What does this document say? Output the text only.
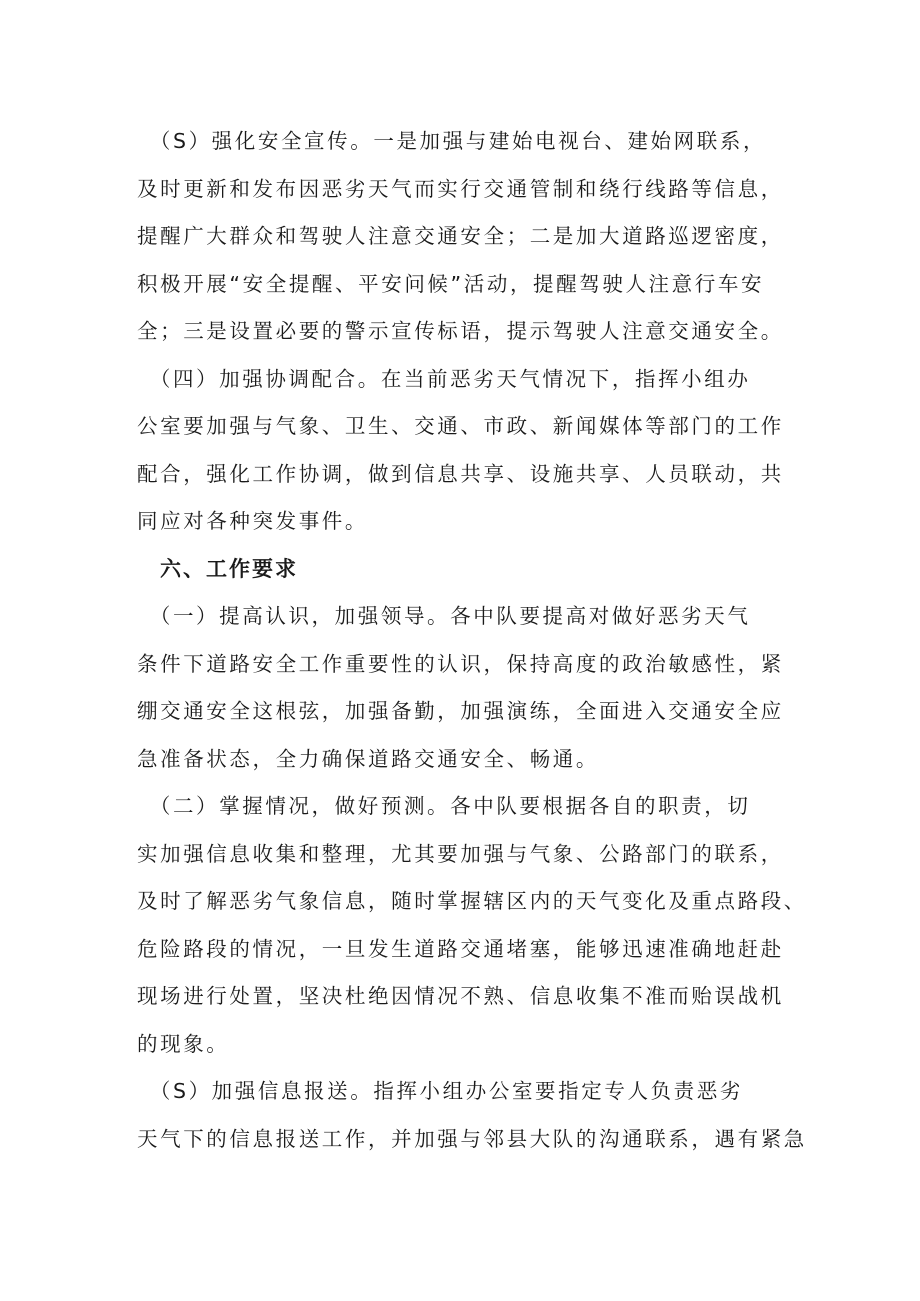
　（S）强化安全宣传。一是加强与建始电视台、建始网联系，
及时更新和发布因恶劣天气而实行交通管制和绕行线路等信息，
提醒广大群众和驾驶人注意交通安全；二是加大道路巡逻密度，
积极开展“安全提醒、平安问候”活动，提醒驾驶人注意行车安
全；三是设置必要的警示宣传标语，提示驾驶人注意交通安全。

　（四）加强协调配合。在当前恶劣天气情况下，指挥小组办
公室要加强与气象、卫生、交通、市政、新闻媒体等部门的工作
配合，强化工作协调，做到信息共享、设施共享、人员联动，共
同应对各种突发事件。

　六、工作要求

　（一）提高认识，加强领导。各中队要提高对做好恶劣天气
条件下道路安全工作重要性的认识，保持高度的政治敏感性，紧
绷交通安全这根弦，加强备勤，加强演练，全面进入交通安全应
急准备状态，全力确保道路交通安全、畅通。

　（二）掌握情况，做好预测。各中队要根据各自的职责，切
实加强信息收集和整理，尤其要加强与气象、公路部门的联系，
及时了解恶劣气象信息，随时掌握辖区内的天气变化及重点路段、
危险路段的情况，一旦发生道路交通堵塞，能够迅速准确地赶赴
现场进行处置，坚决杜绝因情况不熟、信息收集不准而贻误战机
的现象。

　（S）加强信息报送。指挥小组办公室要指定专人负责恶劣
天气下的信息报送工作，并加强与邻县大队的沟通联系，遇有紧急
